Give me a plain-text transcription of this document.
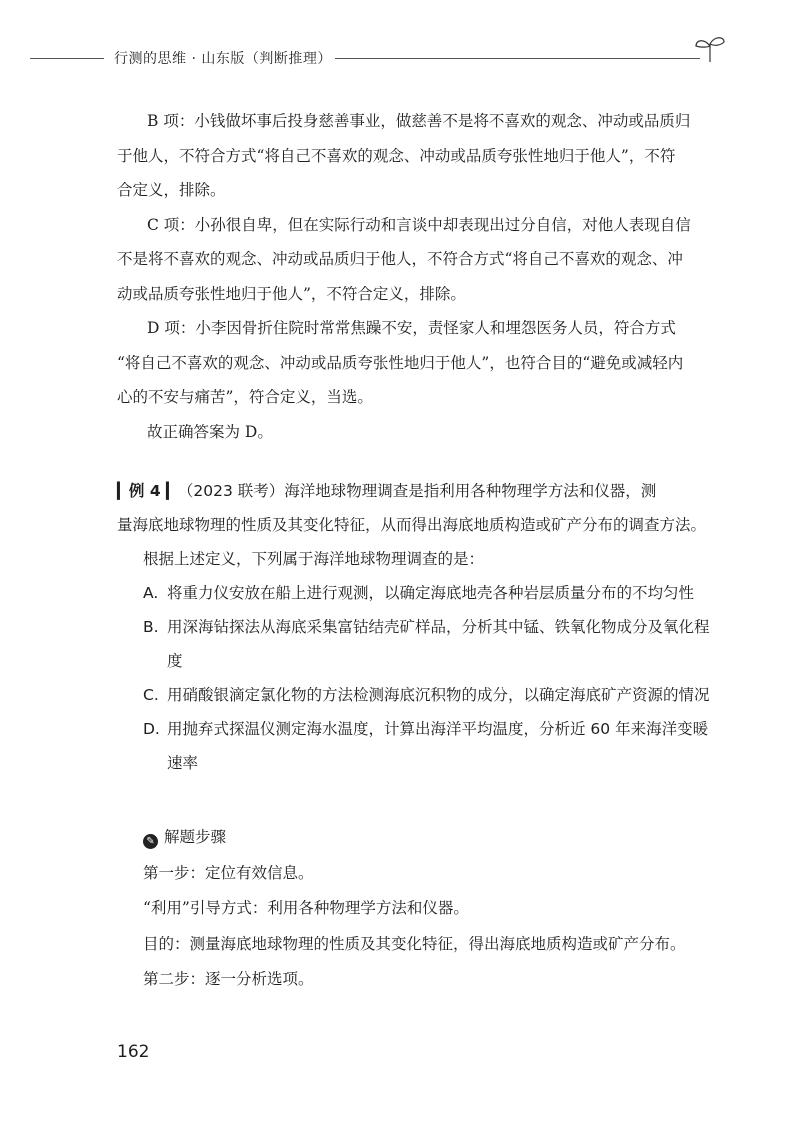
行测的思维 · 山东版（判断推理）
B 项：小钱做坏事后投身慈善事业，做慈善不是将不喜欢的观念、冲动或品质归
于他人，不符合方式“将自己不喜欢的观念、冲动或品质夸张性地归于他人”，不符
合定义，排除。
C 项：小孙很自卑，但在实际行动和言谈中却表现出过分自信，对他人表现自信
不是将不喜欢的观念、冲动或品质归于他人，不符合方式“将自己不喜欢的观念、冲
动或品质夸张性地归于他人”，不符合定义，排除。
D 项：小李因骨折住院时常常焦躁不安，责怪家人和埋怨医务人员，符合方式
“将自己不喜欢的观念、冲动或品质夸张性地归于他人”，也符合目的“避免或减轻内
心的不安与痛苦”，符合定义，当选。
故正确答案为 D。
▎例 4 ▎（2023 联考）海洋地球物理调查是指利用各种物理学方法和仪器，测
量海底地球物理的性质及其变化特征，从而得出海底地质构造或矿产分布的调查方法。
根据上述定义，下列属于海洋地球物理调查的是：
A. 将重力仪安放在船上进行观测，以确定海底地壳各种岩层质量分布的不均匀性
B. 用深海钻探法从海底采集富钴结壳矿样品，分析其中锰、铁氧化物成分及氧化程度
C. 用硝酸银滴定氯化物的方法检测海底沉积物的成分，以确定海底矿产资源的情况
D. 用抛弃式探温仪测定海水温度，计算出海洋平均温度，分析近 60 年来海洋变暖速率
✎ 解题步骤
第一步：定位有效信息。
“利用”引导方式：利用各种物理学方法和仪器。
目的：测量海底地球物理的性质及其变化特征，得出海底地质构造或矿产分布。
第二步：逐一分析选项。
162
